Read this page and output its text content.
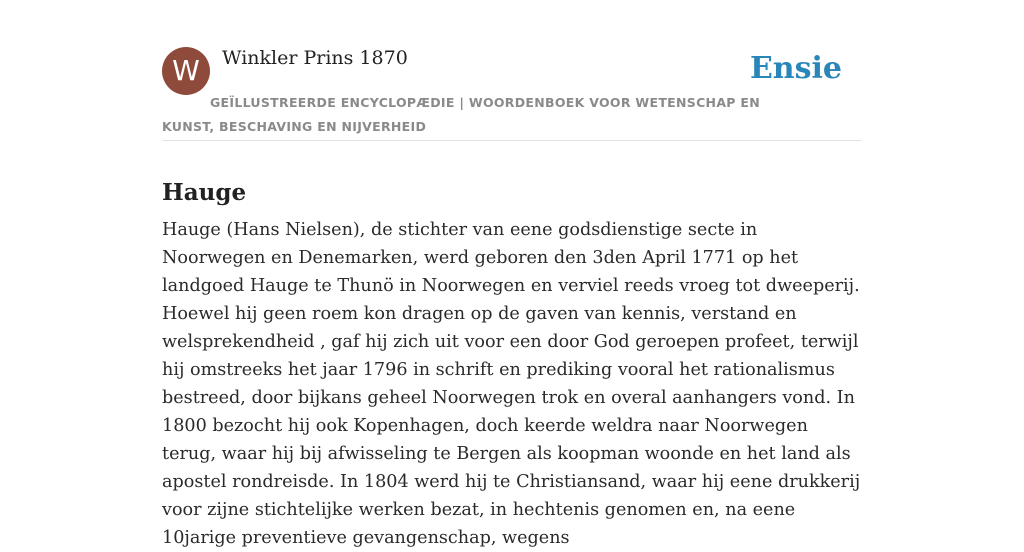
W	Winkler Prins 1870	Ensie
GEÏLLUSTREERDE ENCYCLOPÆDIE | WOORDENBOEK VOOR WETENSCHAP EN KUNST, BESCHAVING EN NIJVERHEID
Hauge

Hauge (Hans Nielsen), de stichter van eene godsdienstige secte in Noorwegen en Denemarken, werd geboren den 3den April 1771 op het landgoed Hauge te Thunö in Noorwegen en verviel reeds vroeg tot dweeperij. Hoewel hij geen roem kon dragen op de gaven van kennis, verstand en welsprekendheid , gaf hij zich uit voor een door God geroepen profeet, terwijl hij omstreeks het jaar 1796 in schrift en prediking vooral het rationalismus bestreed, door bijkans geheel Noorwegen trok en overal aanhangers vond. In 1800 bezocht hij ook Kopenhagen, doch keerde weldra naar Noorwegen terug, waar hij bij afwisseling te Bergen als koopman woonde en het land als apostel rondreisde. In 1804 werd hij te Christiansand, waar hij eene drukkerij voor zijne stichtelijke werken bezat, in hechtenis genomen en, na eene 10jarige preventieve gevangenschap, wegens
